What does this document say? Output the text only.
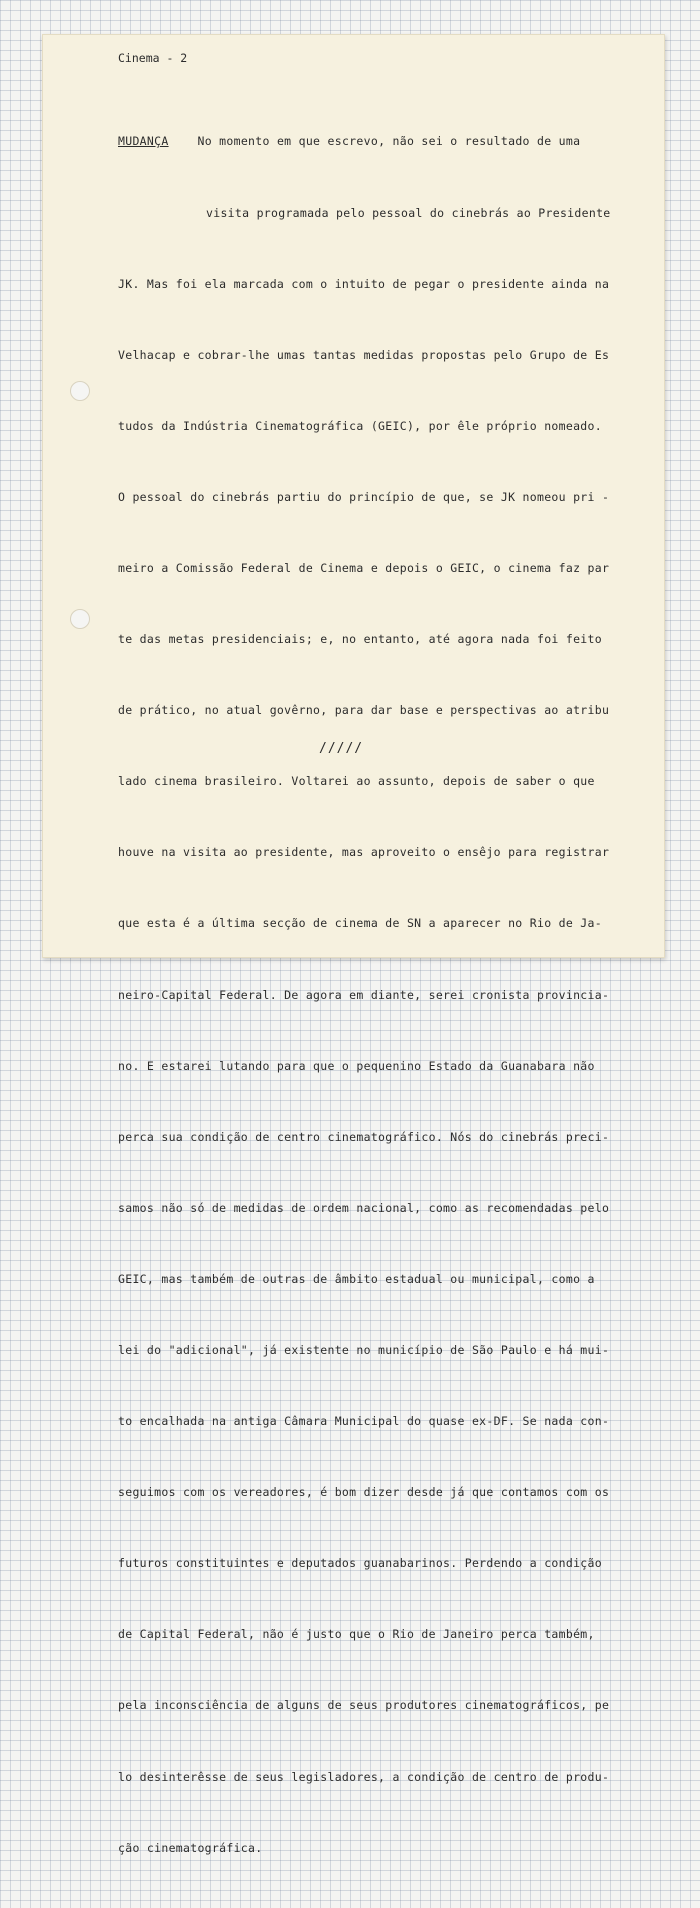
Cinema - 2

MUDANÇA	No momento em que escrevo, não sei o resultado de uma

visita programada pelo pessoal do cinebrás ao Presidente

JK. Mas foi ela marcada com o intuito de pegar o presidente ainda na

Velhacap e cobrar-lhe umas tantas medidas propostas pelo Grupo de Es

tudos da Indústria Cinematográfica (GEIC), por êle próprio nomeado.

O pessoal do cinebrás partiu do princípio de que, se JK nomeou pri -

meiro a Comissão Federal de Cinema e depois o GEIC, o cinema faz par

te das metas presidenciais; e, no entanto, até agora nada foi feito

de prático, no atual govêrno, para dar base e perspectivas ao atribu

lado cinema brasileiro. Voltarei ao assunto, depois de saber o que

houve na visita ao presidente, mas aproveito o ensêjo para registrar

que esta é a última secção de cinema de SN a aparecer no Rio de Ja-

neiro-Capital Federal. De agora em diante, serei cronista provincia-

no. E estarei lutando para que o pequenino Estado da Guanabara não

perca sua condição de centro cinematográfico. Nós do cinebrás preci-

samos não só de medidas de ordem nacional, como as recomendadas pelo

GEIC, mas também de outras de âmbito estadual ou municipal, como a

lei do "adicional", já existente no município de São Paulo e há mui-

to encalhada na antiga Câmara Municipal do quase ex-DF. Se nada con-

seguimos com os vereadores, é bom dizer desde já que contamos com os

futuros constituintes e deputados guanabarinos. Perdendo a condição

de Capital Federal, não é justo que o Rio de Janeiro perca também,

pela inconsciência de alguns de seus produtores cinematográficos, pe

lo desinterêsse de seus legisladores, a condição de centro de produ-

ção cinematográfica.

/////
